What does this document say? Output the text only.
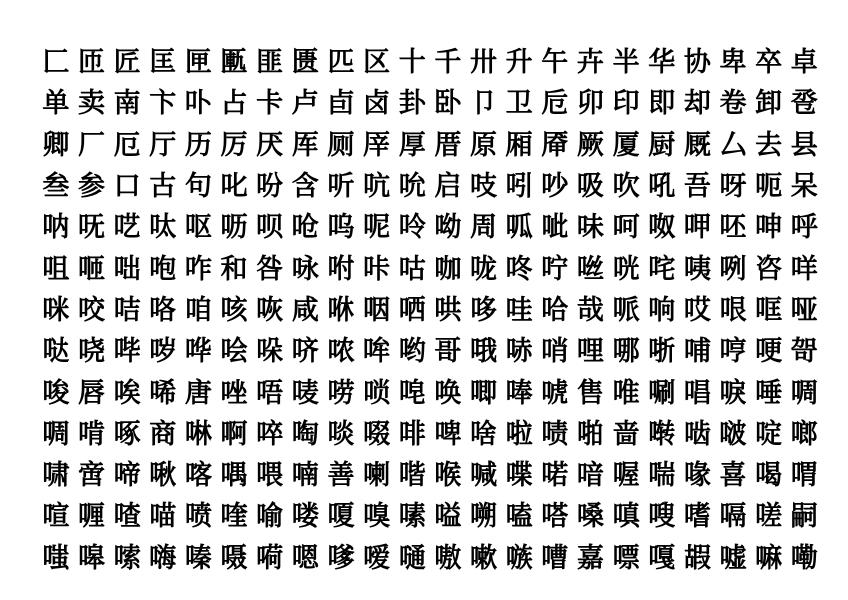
匚 匝 匠 匡 匣 匭 匪 匮 匹 区 十 千 卅 升 午 卉 半 华 协 卑 卒 卓
单 卖 南 卞 卟 占 卡 卢 卣 卤 卦 卧 卩 卫 卮 卯 印 即 却 卷 卸 卺
卿 厂 厄 厅 历 厉 厌 厍 厕 厗 厚 厝 原 厢 厣 厥 厦 厨 厩 厶 去 县
叁 参 口 古 句 叱 吩 含 听 吭 吮 启 吱 吲 吵 吸 吹 吼 吾 呀 呃 呆
呐 呒 呓 呔 呕 呖 呗 呛 呜 呢 呤 呦 周 呱 呲 味 呵 呶 呷 呸 呻 呼
咀 咂 咄 咆 咋 和 咎 咏 咐 咔 咕 咖 咙 咚 咛 咝 咣 咤 咦 咧 咨 咩
咪 咬 咭 咯 咱 咳 咴 咸 咻 咽 哂 哄 哆 哇 哈 哉 哌 响 哎 哏 哐 哑
哒 哓 哔 哕 哗 哙 哚 哜 哝 哞 哟 哥 哦 哧 哨 哩 哪 哳 哺 哼 哽 哿
唆 唇 唉 唏 唐 唑 唔 唛 唠 唢 唣 唤 唧 唪 唬 售 唯 唰 唱 唳 唾 啁
啁 啃 啄 商 啉 啊 啐 啕 啖 啜 啡 啤 啥 啦 啧 啪 啬 啭 啮 啵 啶 啷
啸 啻 啼 啾 喀 喁 喂 喃 善 喇 喈 喉 喊 喋 喏 喑 喔 喘 喙 喜 喝 喟
喧 喱 喳 喵 喷 喹 喻 喽 嗄 嗅 嗉 嗌 嗍 嗑 嗒 嗓 嗔 嗖 嗜 嗝 嗟 嗣
嗤 嗥 嗦 嗨 嗪 嗫 嗬 嗯 嗲 嗳 嗵 嗷 嗽 嗾 嘈 嘉 嘌 嘎 嘏 嘘 嘛 嘞
